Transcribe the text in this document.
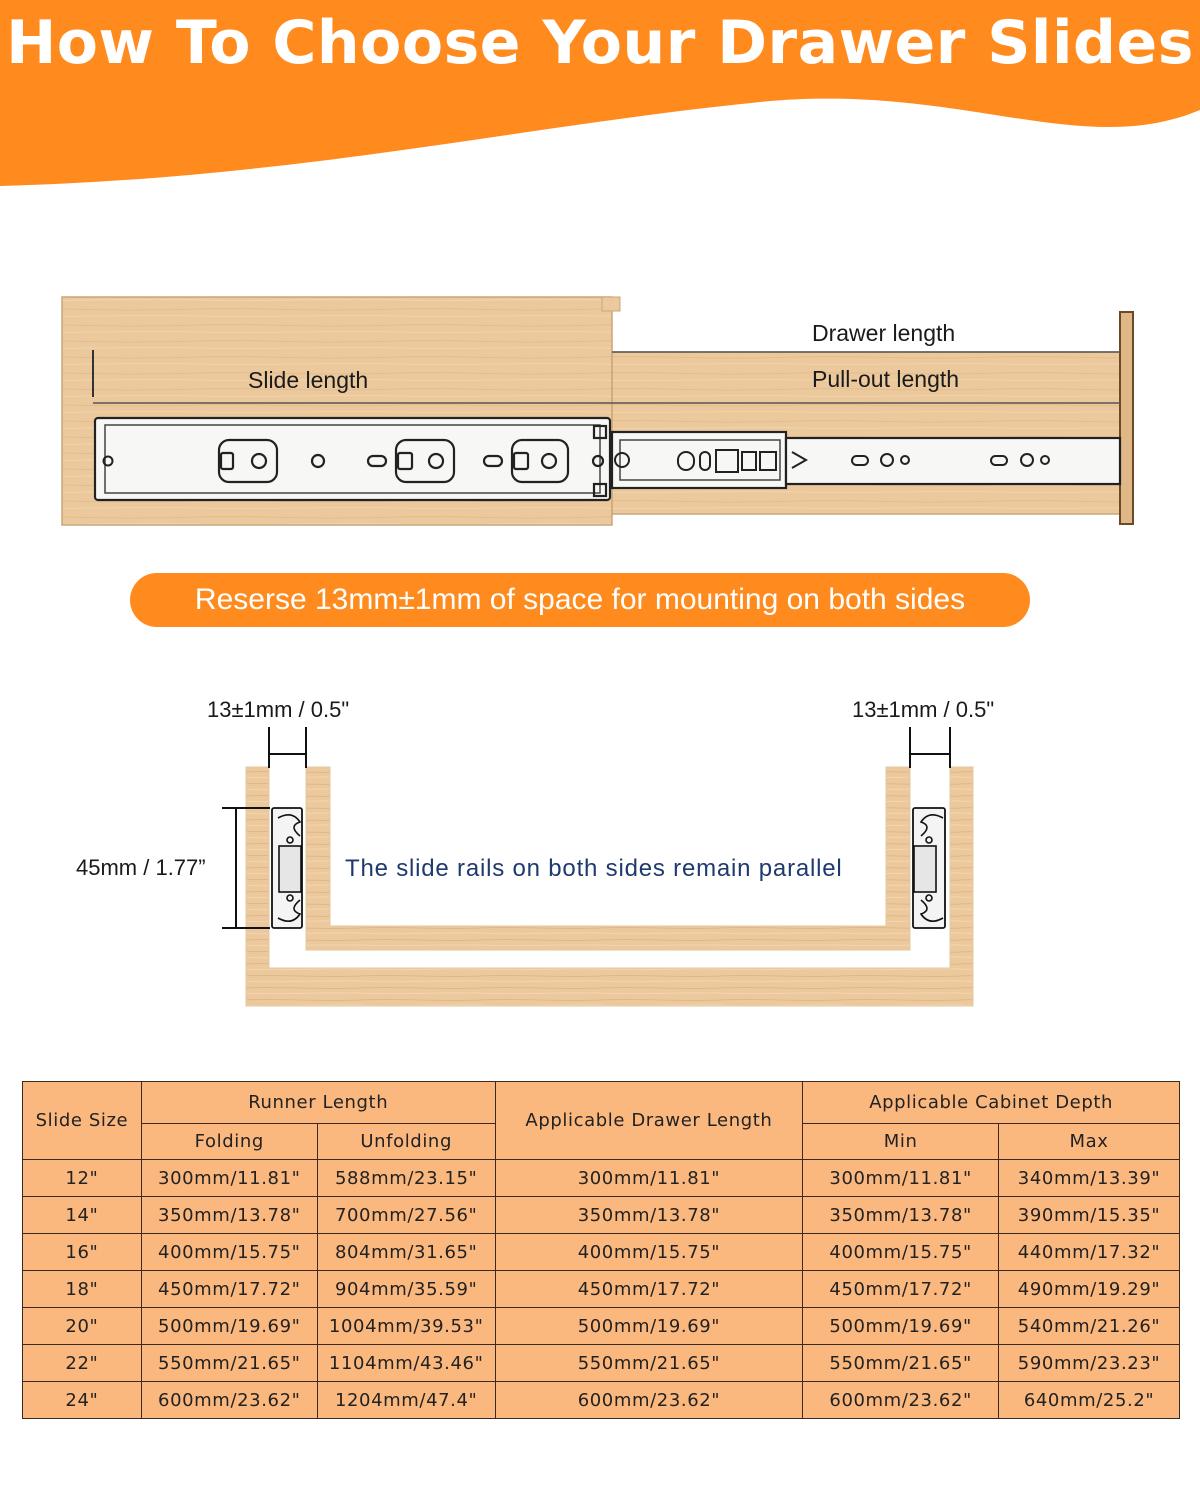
How To Choose Your Drawer Slides
Slide length
Drawer length
Pull-out length
Reserse 13mm±1mm of space for mounting on both sides
13±1mm / 0.5"	13±1mm / 0.5"
45mm / 1.77”	The slide rails on both sides remain parallel
Slide Size	Runner Length		Applicable Drawer Length	Applicable Cabinet Depth	
	Folding	Unfolding		Min	Max
12"	300mm/11.81"	588mm/23.15"	300mm/11.81"	300mm/11.81"	340mm/13.39"
14"	350mm/13.78"	700mm/27.56"	350mm/13.78"	350mm/13.78"	390mm/15.35"
16"	400mm/15.75"	804mm/31.65"	400mm/15.75"	400mm/15.75"	440mm/17.32"
18"	450mm/17.72"	904mm/35.59"	450mm/17.72"	450mm/17.72"	490mm/19.29"
20"	500mm/19.69"	1004mm/39.53"	500mm/19.69"	500mm/19.69"	540mm/21.26"
22"	550mm/21.65"	1104mm/43.46"	550mm/21.65"	550mm/21.65"	590mm/23.23"
24"	600mm/23.62"	1204mm/47.4"	600mm/23.62"	600mm/23.62"	640mm/25.2"
